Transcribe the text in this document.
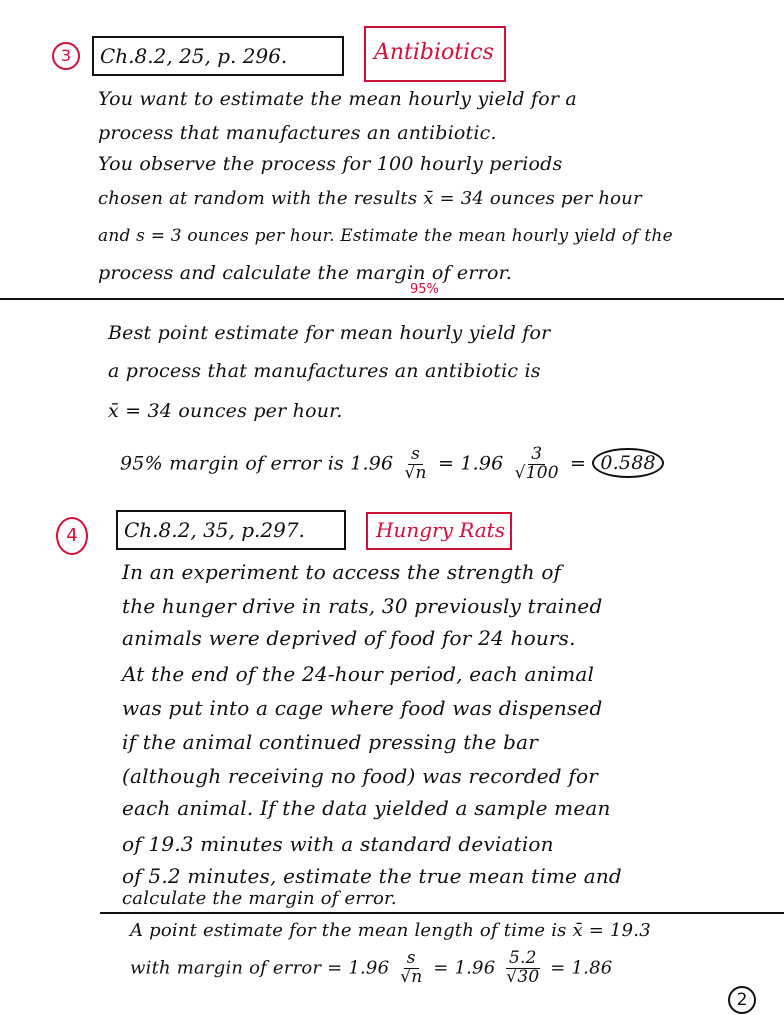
3	Ch.8.2, 25, p. 296.	Antibiotics
You want to estimate the mean hourly yield for a
process that manufactures an antibiotic.
You observe the process for 100 hourly periods
chosen at random with the results x̄ = 34 ounces per hour
and s = 3 ounces per hour. Estimate the mean hourly yield of the
process and calculate the margin of error.
95%
Best point estimate for mean hourly yield for
a process that manufactures an antibiotic is
x̄ = 34 ounces per hour.
95% margin of error is $1.96 \frac{s}{√n} = 1.96 \frac{3}{√100} = 0.588$
4	Ch.8.2, 35, p.297.	Hungry Rats
In an experiment to access the strength of
the hunger drive in rats, 30 previously trained
animals were deprived of food for 24 hours.
At the end of the 24-hour period, each animal
was put into a cage where food was dispensed
if the animal continued pressing the bar
(although receiving no food) was recorded for
each animal. If the data yielded a sample mean
of 19.3 minutes with a standard deviation
of 5.2 minutes, estimate the true mean time and
calculate the margin of error.
A point estimate for the mean length of time is x̄ = 19.3
with margin of error = $1.96 \frac{s}{√n} = 1.96 \frac{5.2}{√30} = 1.86$
2
